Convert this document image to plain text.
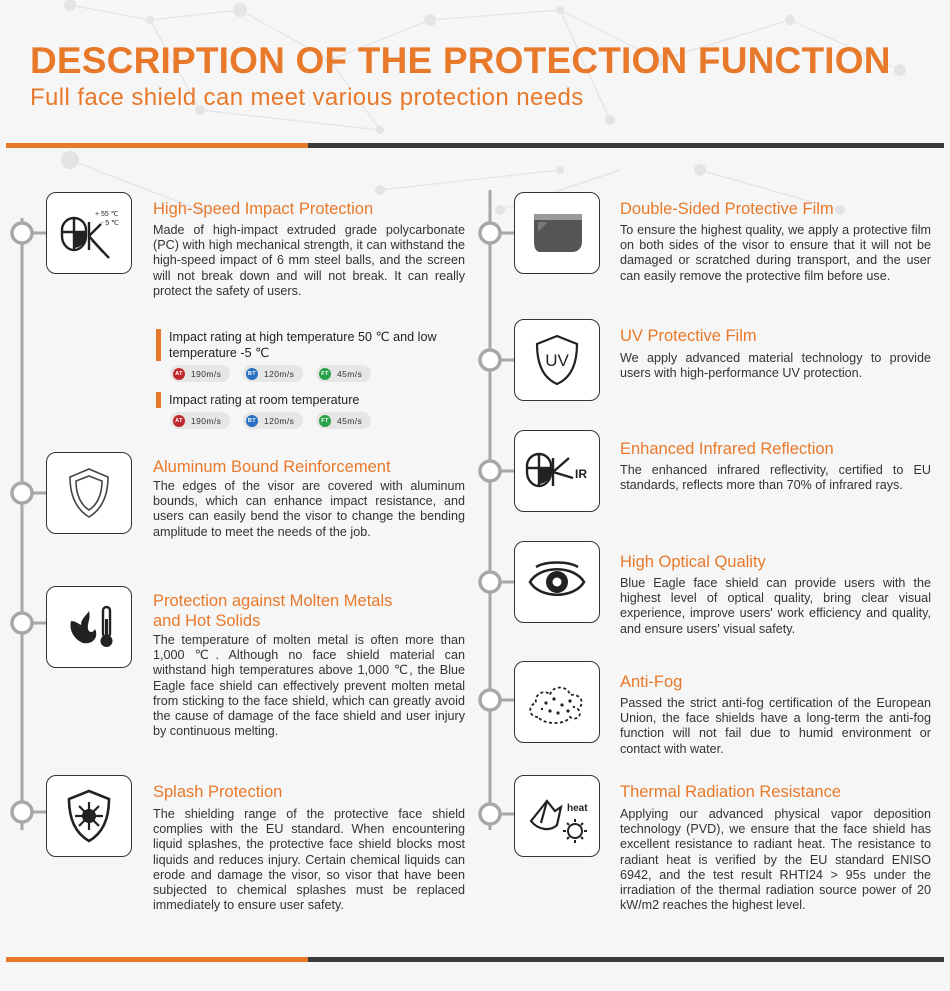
DESCRIPTION OF THE PROTECTION FUNCTION
Full face shield can meet various protection needs
+ 55 ℃
- 5 ℃
High-Speed Impact Protection

Made of high-impact extruded grade polycarbonate (PC) with high mechanical strength, it can withstand the high-speed impact of 6 mm steel balls, and the screen will not break down and will not break. It can really protect the safety of users.

Impact rating at high temperature 50 ℃ and low temperature -5 ℃
AT 190m/s	BT 120m/s	FT 45m/s
Impact rating at room temperature
AT 190m/s	BT 120m/s	FT 45m/s
Aluminum Bound Reinforcement

The edges of the visor are covered with aluminum bounds, which can enhance impact resistance, and users can easily bend the visor to change the bending amplitude to meet the needs of the job.

Protection against Molten Metals
and Hot Solids

The temperature of molten metal is often more than 1,000 ℃. Although no face shield material can withstand high temperatures above 1,000 ℃, the Blue Eagle face shield can effectively prevent molten metal from sticking to the face shield, which can greatly avoid the cause of damage of the face shield and user injury by continuous melting.

Splash Protection

The shielding range of the protective face shield complies with the EU standard. When encountering liquid splashes, the protective face shield blocks most liquids and reduces injury. Certain chemical liquids can erode and damage the visor, so visor that have been subjected to chemical splashes must be replaced immediately to ensure user safety.

Double-Sided Protective Film

To ensure the highest quality, we apply a protective film on both sides of the visor to ensure that it will not be damaged or scratched during transport, and the user can easily remove the protective film before use.

UV
UV Protective Film

We apply advanced material technology to provide users with high-performance UV protection.

IR
Enhanced Infrared Reflection

The enhanced infrared reflectivity, certified to EU standards, reflects more than 70% of infrared rays.

High Optical Quality

Blue Eagle face shield can provide users with the highest level of optical quality, bring clear visual experience, improve users' work efficiency and quality, and ensure users' visual safety.

Anti-Fog

Passed the strict anti-fog certification of the European Union, the face shields have a long-term the anti-fog function will not fail due to humid environment or contact with water.

heat
Thermal Radiation Resistance

Applying our advanced physical vapor deposition technology (PVD), we ensure that the face shield has excellent resistance to radiant heat. The resistance to radiant heat is verified by the EU standard ENISO 6942, and the test result RHTI24 > 95s under the irradiation of the thermal radiation source power of 20 kW/m2 reaches the highest level.
